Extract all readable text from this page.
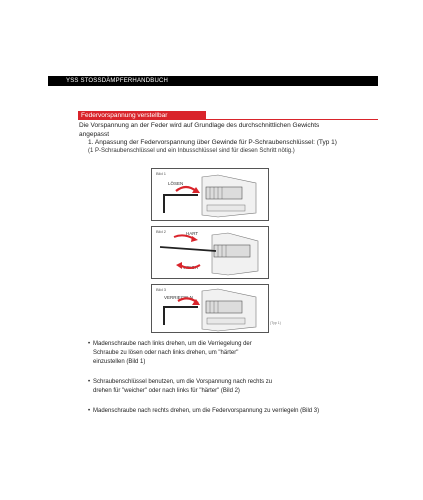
YSS STOSSDÄMPFERHANDBUCH
Federvorspannung verstellbar
Die Vorspannung an der Feder wird auf Grundlage des durchschnittlichen Gewichts
angepasst
1. Anpassung der Federvorspannung über Gewinde für P-Schraubenschlüssel: (Typ 1)
(1 P-Schraubenschlüssel und ein Inbusschlüssel sind für diesen Schritt nötig.)
Bild 1
LÖSEN
Bild 2	HART
WEICH
Bild 3
VERRIEGELN
(Typ 1)
• Madenschraube nach links drehen, um die Verriegelung der
Schraube zu lösen oder nach links drehen, um "härter"
einzustellen (Bild 1)
• Schraubenschlüssel benutzen, um die Vorspannung nach rechts zu
drehen für "weicher" oder nach links für "härter" (Bild 2)
• Madenschraube nach rechts drehen, um die Federvorspannung zu verriegeln (Bild 3)
